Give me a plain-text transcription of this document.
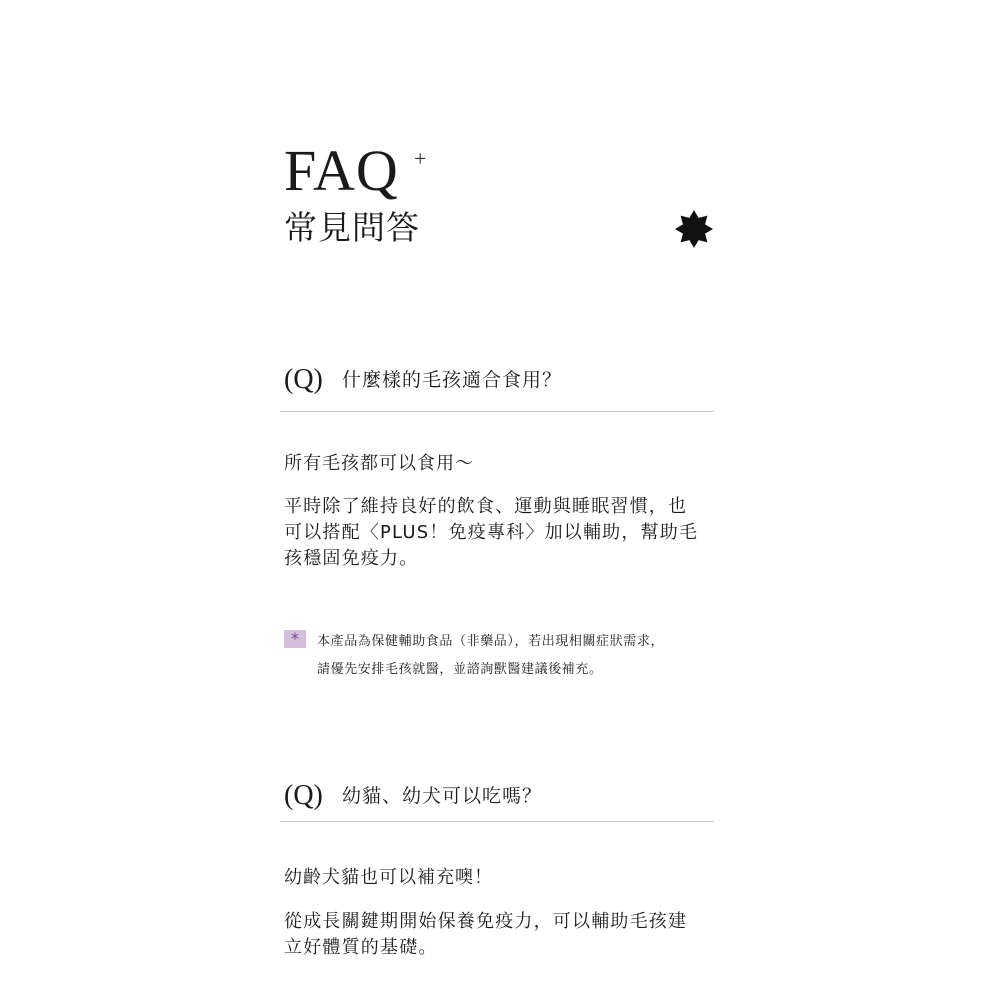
FAQ +
常見問答
(Q) 什麼樣的毛孩適合食用？
所有毛孩都可以食用～
平時除了維持良好的飲食、運動與睡眠習慣，也
可以搭配〈PLUS！免疫專科〉加以輔助，幫助毛
孩穩固免疫力。
*	本產品為保健輔助食品（非藥品），若出現相關症狀需求，
請優先安排毛孩就醫，並諮詢獸醫建議後補充。
(Q) 幼貓、幼犬可以吃嗎？
幼齡犬貓也可以補充噢！
從成長關鍵期開始保養免疫力，可以輔助毛孩建
立好體質的基礎。
